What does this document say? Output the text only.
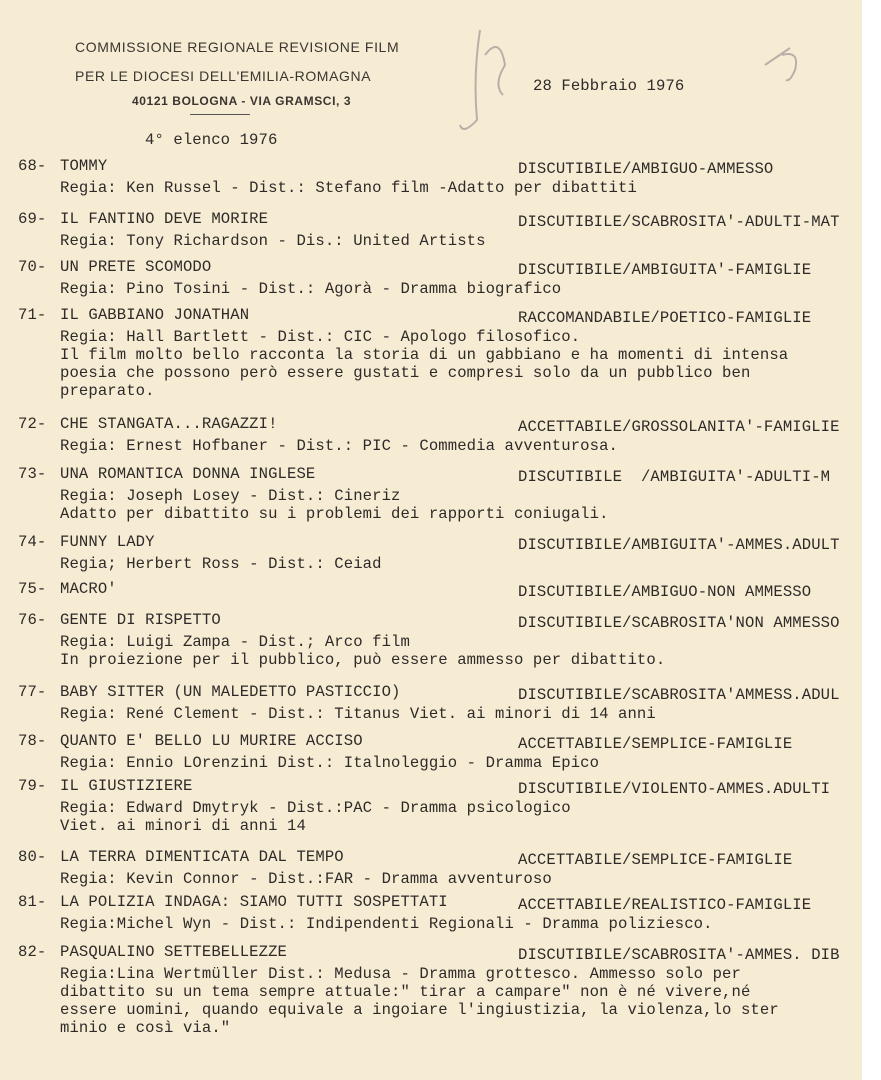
COMMISSIONE REGIONALE REVISIONE FILM
PER LE DIOCESI DELL'EMILIA-ROMAGNA
40121 BOLOGNA - VIA GRAMSCI, 3
28 Febbraio 1976
4° elenco 1976
68- TOMMY	DISCUTIBILE/AMBIGUO-AMMESSO
Regia: Ken Russel - Dist.: Stefano film -Adatto per dibattiti
69- IL FANTINO DEVE MORIRE	DISCUTIBILE/SCABROSITA'-ADULTI-MAT
Regia: Tony Richardson - Dis.: United Artists
70- UN PRETE SCOMODO	DISCUTIBILE/AMBIGUITA'-FAMIGLIE
Regia: Pino Tosini - Dist.: Agorà - Dramma biografico
71- IL GABBIANO JONATHAN	RACCOMANDABILE/POETICO-FAMIGLIE
Regia: Hall Bartlett - Dist.: CIC - Apologo filosofico.
Il film molto bello racconta la storia di un gabbiano e ha momenti di intensa
poesia che possono però essere gustati e compresi solo da un pubblico ben
preparato.
72- CHE STANGATA...RAGAZZI!	ACCETTABILE/GROSSOLANITA'-FAMIGLIE
Regia: Ernest Hofbaner - Dist.: PIC - Commedia avventurosa.
73- UNA ROMANTICA DONNA INGLESE	DISCUTIBILE  /AMBIGUITA'-ADULTI-M
Regia: Joseph Losey - Dist.: Cineriz
Adatto per dibattito su i problemi dei rapporti coniugali.
74- FUNNY LADY	DISCUTIBILE/AMBIGUITA'-AMMES.ADULT
Regia; Herbert Ross - Dist.: Ceiad
75- MACRO'	DISCUTIBILE/AMBIGUO-NON AMMESSO
76- GENTE DI RISPETTO	DISCUTIBILE/SCABROSITA'NON AMMESSO
Regia: Luigi Zampa - Dist.; Arco film
In proiezione per il pubblico, può essere ammesso per dibattito.
77- BABY SITTER (UN MALEDETTO PASTICCIO)	DISCUTIBILE/SCABROSITA'AMMESS.ADUL
Regia: René Clement - Dist.: Titanus Viet. ai minori di 14 anni
78- QUANTO E' BELLO LU MURIRE ACCISO	ACCETTABILE/SEMPLICE-FAMIGLIE
Regia: Ennio LOrenzini Dist.: Italnoleggio - Dramma Epico
79- IL GIUSTIZIERE	DISCUTIBILE/VIOLENTO-AMMES.ADULTI
Regia: Edward Dmytryk - Dist.:PAC - Dramma psicologico
Viet. ai minori di anni 14
80- LA TERRA DIMENTICATA DAL TEMPO	ACCETTABILE/SEMPLICE-FAMIGLIE
Regia: Kevin Connor - Dist.:FAR - Dramma avventuroso
81- LA POLIZIA INDAGA: SIAMO TUTTI SOSPETTATI	ACCETTABILE/REALISTICO-FAMIGLIE
Regia:Michel Wyn - Dist.: Indipendenti Regionali - Dramma poliziesco.
82- PASQUALINO SETTEBELLEZZE	DISCUTIBILE/SCABROSITA'-AMMES. DIB
Regia:Lina Wertmüller Dist.: Medusa - Dramma grottesco. Ammesso solo per
dibattito su un tema sempre attuale:" tirar a campare" non è né vivere,né
essere uomini, quando equivale a ingoiare l'ingiustizia, la violenza,lo ster
minio e così via."
